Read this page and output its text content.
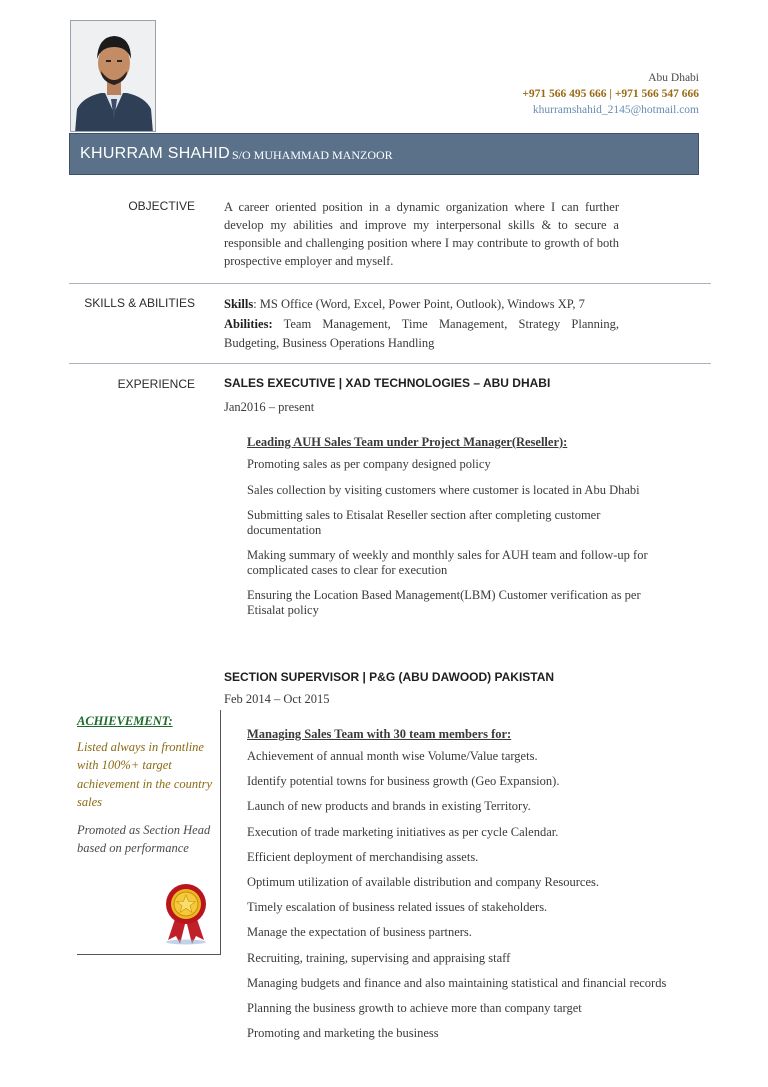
Abu Dhabi
+971 566 495 666 | +971 566 547 666
khurramshahid_2145@hotmail.com
KHURRAM SHAHID S/O MUHAMMAD MANZOOR
OBJECTIVE A career oriented position in a dynamic organization where I can further develop my abilities and improve my interpersonal skills & to secure a responsible and challenging position where I may contribute to growth of both prospective employer and myself.
SKILLS & ABILITIES Skills: MS Office (Word, Excel, Power Point, Outlook), Windows XP, 7
Abilities: Team Management, Time Management, Strategy Planning, Budgeting, Business Operations Handling
EXPERIENCE SALES EXECUTIVE | XAD TECHNOLOGIES – ABU DHABI
Jan2016 – present
Leading AUH Sales Team under Project Manager(Reseller):
Promoting sales as per company designed policy
Sales collection by visiting customers where customer is located in Abu Dhabi
Submitting sales to Etisalat Reseller section after completing customer documentation
Making summary of weekly and monthly sales for AUH team and follow-up for complicated cases to clear for execution
Ensuring the Location Based Management(LBM) Customer verification as per Etisalat policy
SECTION SUPERVISOR | P&G (ABU DAWOOD) PAKISTAN
Feb 2014 – Oct 2015
Managing Sales Team with 30 team members for:
Achievement of annual month wise Volume/Value targets.
Identify potential towns for business growth (Geo Expansion).
Launch of new products and brands in existing Territory.
Execution of trade marketing initiatives as per cycle Calendar.
Efficient deployment of merchandising assets.
Optimum utilization of available distribution and company Resources.
Timely escalation of business related issues of stakeholders.
Manage the expectation of business partners.
Recruiting, training, supervising and appraising staff
Managing budgets and finance and also maintaining statistical and financial records
Planning the business growth to achieve more than company target
Promoting and marketing the business
ACHIEVEMENT:
Listed always in frontline with 100%+ target achievement in the country sales
Promoted as Section Head based on performance
